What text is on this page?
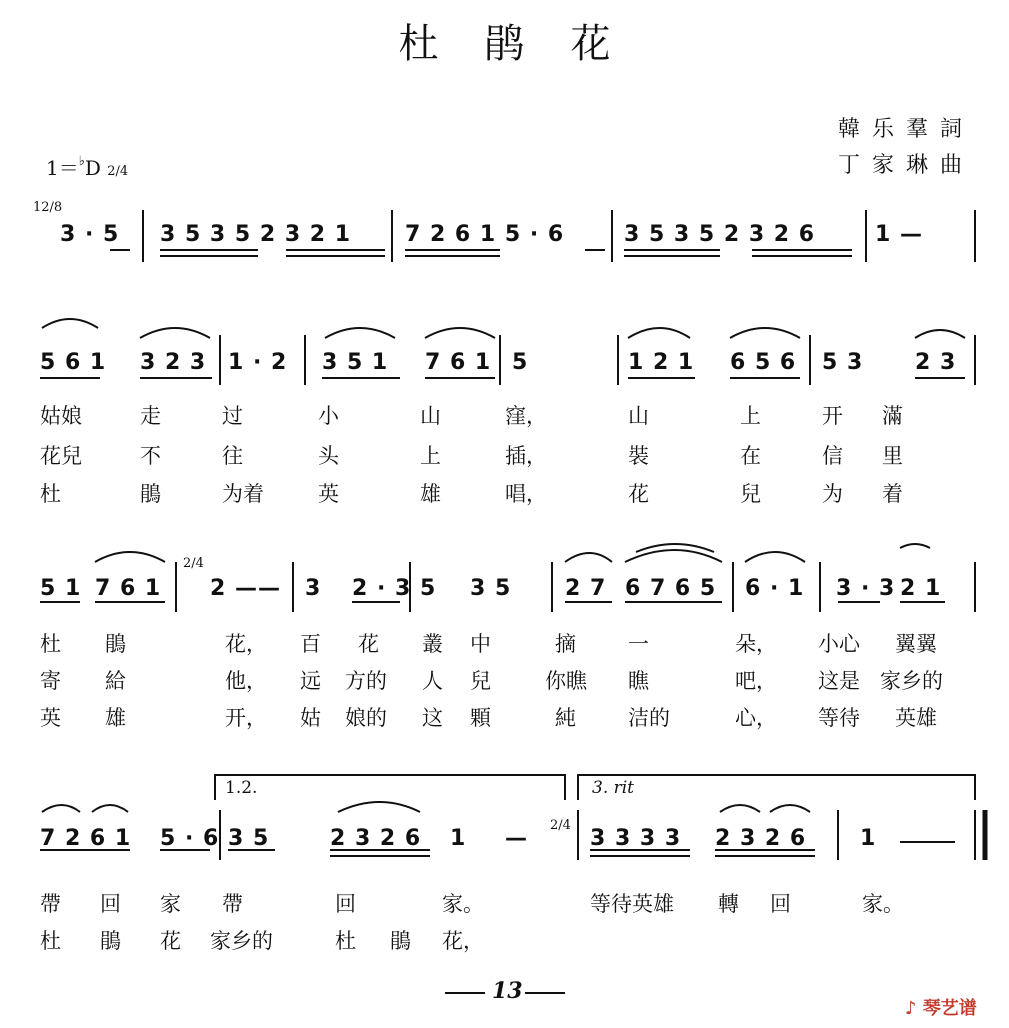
杜鹃花
韓乐羣詞
丁家琳曲
1＝♭D 2/4
12/8
3 · 5 3 5 3 5 2 3 2 1 7 2 6 1 5 · 6	3 5 3 5 2 3 2 6	1 —
5 6 1 3 2 3 1 · 2 3 5 1 7 6 1 5	1 2 1 6 5 6 5 3 2 3
姑娘	走	过	小	山	窪，	山	上	开 滿
花兒	不	往	头	上	插，	裝	在	信 里
杜	鵑	为着	英	雄	唱，	花	兒	为 着
2/4
5 1 7 6 1 2 —— 3 2 · 3 5 3 5 2 7 6 7 6 5 6 · 1 3 · 3 2 1
杜 鵑	花， 百 花 叢 中	摘 一	朵， 小心 翼翼
寄 給	他， 远 方的 人 兒	你瞧 瞧	吧， 这是 家乡的
英 雄	开， 姑 娘的 这 顆	純 洁的	心， 等待 英雄
1.2.	3. rit
2/4
7 2 6 1 5 · 6 3 5	2 3 2 6 1	3 3 3 3 2 3 2 6 1
—
帶 回 家 帶	回	家。	等待英雄 轉 回	家。
杜 鵑 花 家乡的	杜 鵑 花，
13
♪ 琴艺谱
